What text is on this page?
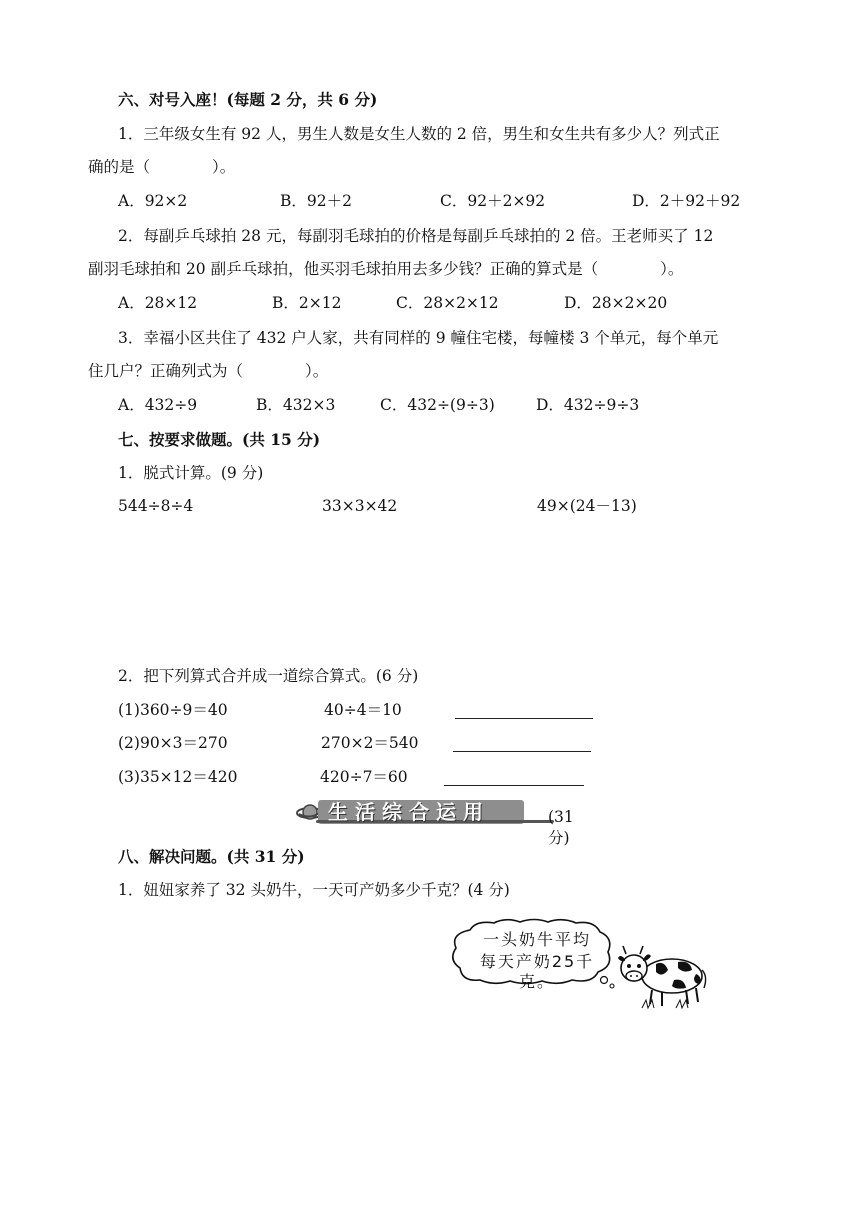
六、对号入座！(每题 2 分，共 6 分)
1．三年级女生有 92 人，男生人数是女生人数的 2 倍，男生和女生共有多少人？列式正
确的是（　　　　）。
A．92×2	B．92＋2	C．92＋2×92	D．2＋92＋92
2．每副乒乓球拍 28 元，每副羽毛球拍的价格是每副乒乓球拍的 2 倍。王老师买了 12
副羽毛球拍和 20 副乒乓球拍，他买羽毛球拍用去多少钱？正确的算式是（　　　　）。
A．28×12	B．2×12	C．28×2×12	D．28×2×20
3．幸福小区共住了 432 户人家，共有同样的 9 幢住宅楼，每幢楼 3 个单元，每个单元
住几户？正确列式为（　　　　）。
A．432÷9	B．432×3	C．432÷(9÷3)	D．432÷9÷3
七、按要求做题。(共 15 分)
1．脱式计算。(9 分)
544÷8÷4	33×3×42	49×(24－13)
2．把下列算式合并成一道综合算式。(6 分)
(1)360÷9＝40	40÷4＝10
(2)90×3＝270	270×2＝540
(3)35×12＝420	420÷7＝60
生活综合运用	(31 分)
八、解决问题。(共 31 分)
1．妞妞家养了 32 头奶牛，一天可产奶多少千克？(4 分)
一头奶牛平均
每天产奶25千克。
